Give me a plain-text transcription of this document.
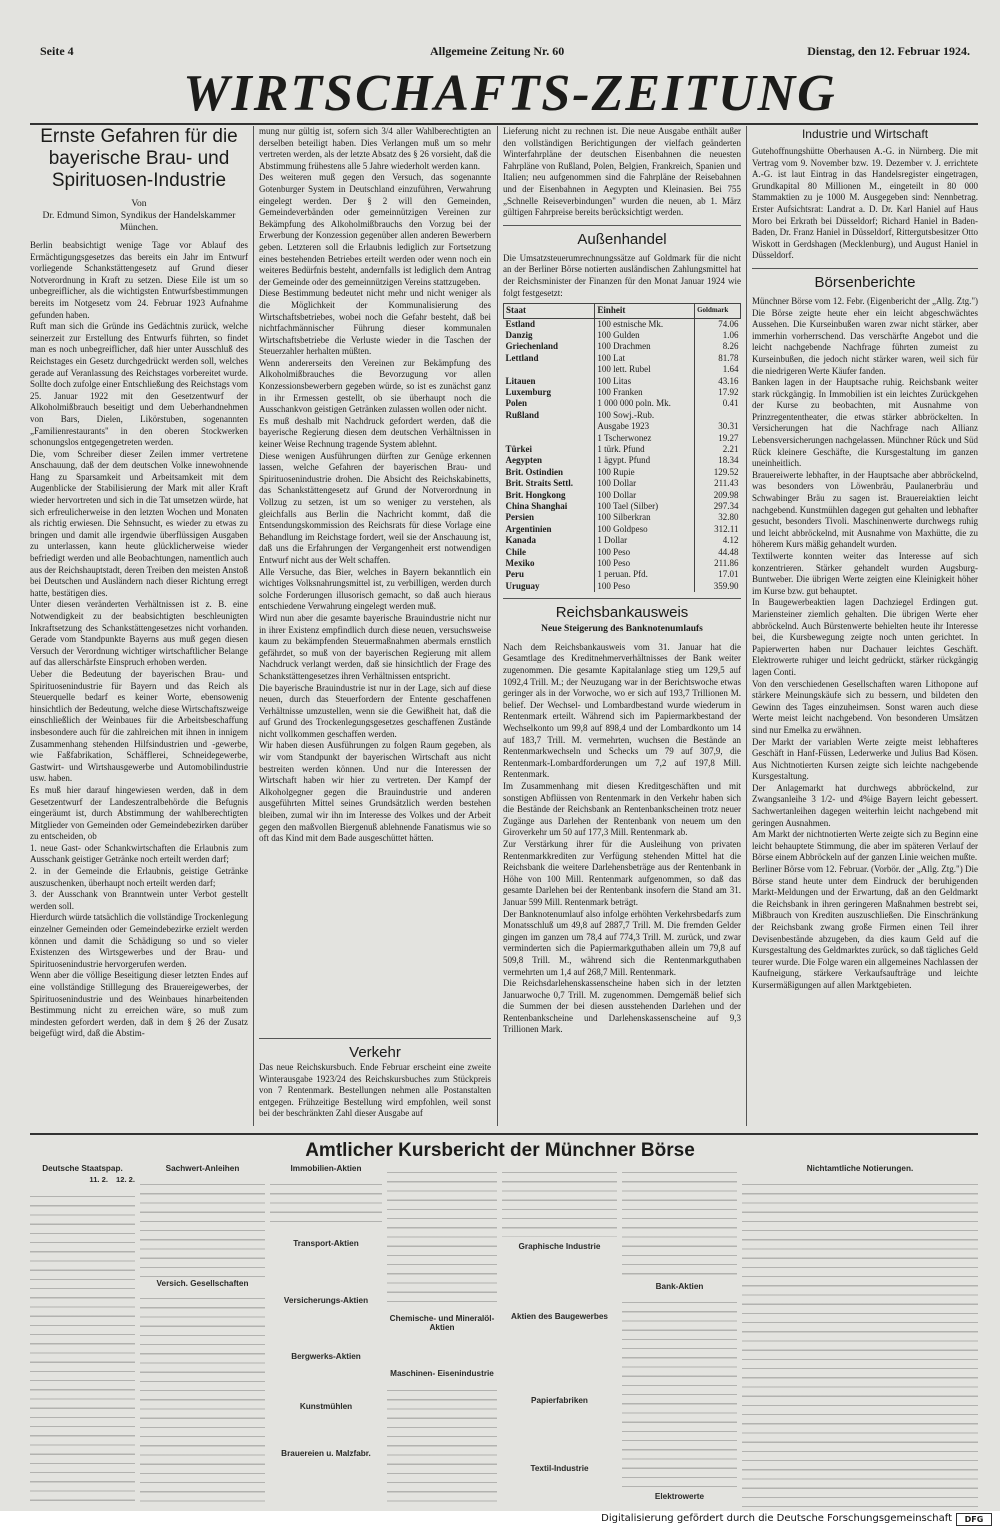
Seite 4	Allgemeine Zeitung Nr. 60	Dienstag, den 12. Februar 1924.
WIRTSCHAFTS-ZEITUNG
Ernste Gefahren für die bayerische Brau- und Spirituosen-Industrie
Von
Dr. Edmund Simon, Syndikus der Handelskammer München.
Berlin beabsichtigt wenige Tage vor Ablauf des Ermächtigungsgesetzes das bereits ein Jahr im Entwurf vorliegende Schankstättengesetz auf Grund dieser Notverordnung in Kraft zu setzen. Diese Eile ist um so unbegreiflicher, als die wichtigsten Entwurfsbestimmungen bereits im Notgesetz vom 24. Februar 1923 Aufnahme gefunden haben.
Ruft man sich die Gründe ins Gedächtnis zurück, welche seinerzeit zur Erstellung des Entwurfs führten, so findet man es noch unbegreiflicher, daß hier unter Ausschluß des Reichstages ein Gesetz durchgedrückt werden soll, welches gerade auf Veranlassung des Reichstages vorbereitet wurde. Sollte doch zufolge einer Entschließung des Reichstags vom 25. Januar 1922 mit den Gesetzentwurf der Alkoholmißbrauch beseitigt und dem Ueberhandnehmen von Bars, Dielen, Likörstuben, sogenannten „Familienrestaurants" in den oberen Stockwerken schonungslos entgegengetreten werden.
Die, vom Schreiber dieser Zeilen immer vertretene Anschauung, daß der dem deutschen Volke innewohnende Hang zu Sparsamkeit und Arbeitsamkeit mit dem Augenblicke der Stabilisierung der Mark mit aller Kraft wieder hervortreten und sich in die Tat umsetzen würde, hat sich erfreulicherweise in den letzten Wochen und Monaten als richtig erwiesen. Die Sehnsucht, es wieder zu etwas zu bringen und damit alle irgendwie überflüssigen Ausgaben zu unterlassen, kann heute glücklicherweise wieder befriedigt werden und alle Beobachtungen, namentlich auch aus der Reichshauptstadt, deren Treiben den meisten Anstoß bei Deutschen und Ausländern nach dieser Richtung erregt hatte, bestätigen dies.
Unter diesen veränderten Verhältnissen ist z. B. eine Notwendigkeit zu der beabsichtigten beschleunigten Inkraftsetzung des Schankstättengesetzes nicht vorhanden. Gerade vom Standpunkte Bayerns aus muß gegen diesen Versuch der Verordnung wichtiger wirtschaftlicher Belange auf das allerschärfste Einspruch erhoben werden.
Ueber die Bedeutung der bayerischen Brau- und Spirituosenindustrie für Bayern und das Reich als Steuerquelle bedarf es keiner Worte, ebensowenig hinsichtlich der Bedeutung, welche diese Wirtschaftszweige einschließlich der Weinbaues für die Arbeitsbeschaffung insbesondere auch für die zahlreichen mit ihnen in innigem Zusammenhang stehenden Hilfsindustrien und -gewerbe, wie Faßfabrikation, Schäfflerei, Schneidegewerbe, Gastwirt- und Wirtshausgewerbe und Automobilindustrie usw. haben.
Es muß hier darauf hingewiesen werden, daß in dem Gesetzentwurf der Landeszentralbehörde die Befugnis eingeräumt ist, durch Abstimmung der wahlberechtigten Mitglieder von Gemeinden oder Gemeindebezirken darüber zu entscheiden, ob
1. neue Gast- oder Schankwirtschaften die Erlaubnis zum Ausschank geistiger Getränke noch erteilt werden darf;
2. in der Gemeinde die Erlaubnis, geistige Getränke auszuschenken, überhaupt noch erteilt werden darf;
3. der Ausschank von Branntwein unter Verbot gestellt werden soll.
Hierdurch würde tatsächlich die vollständige Trockenlegung einzelner Gemeinden oder Gemeindebezirke erzielt werden können und damit die Schädigung so und so vieler Existenzen des Wirtsgewerbes und der Brau- und Spirituosenindustrie hervorgerufen werden.
Wenn aber die völlige Beseitigung dieser letzten Endes auf eine vollständige Stilllegung des Brauereigewerbes, der Spirituosenindustrie und des Weinbaues hinarbeitenden Bestimmung nicht zu erreichen wäre, so muß zum mindesten gefordert werden, daß in dem § 26 der Zusatz beigefügt wird, daß die Abstim-
mung nur gültig ist, sofern sich 3/4 aller Wahlberechtigten an derselben beteiligt haben. Dies Verlangen muß um so mehr vertreten werden, als der letzte Absatz des § 26 vorsieht, daß die Abstimmung frühestens alle 5 Jahre wiederholt werden kann.
Des weiteren muß gegen den Versuch, das sogenannte Gotenburger System in Deutschland einzuführen, Verwahrung eingelegt werden. Der § 2 will den Gemeinden, Gemeindeverbänden oder gemeinnützigen Vereinen zur Bekämpfung des Alkoholmißbrauchs den Vorzug bei der Erwerbung der Konzession gegenüber allen anderen Bewerbern geben. Letzteren soll die Erlaubnis lediglich zur Fortsetzung eines bestehenden Betriebes erteilt werden oder wenn noch ein weiteres Bedürfnis besteht, andernfalls ist lediglich dem Antrag der Gemeinde oder des gemeinnützigen Vereins stattzugeben.
Diese Bestimmung bedeutet nicht mehr und nicht weniger als die Möglichkeit der Kommunalisierung des Wirtschaftsbetriebes, wobei noch die Gefahr besteht, daß bei nichtfachmännischer Führung dieser kommunalen Wirtschaftsbetriebe die Verluste wieder in die Taschen der Steuerzahler herhalten müßten.
Wenn andererseits den Vereinen zur Bekämpfung des Alkoholmißbrauches die Bevorzugung vor allen Konzessionsbewerbern gegeben würde, so ist es zunächst ganz in ihr Ermessen gestellt, ob sie überhaupt noch die Ausschankvon geistigen Getränken zulassen wollen oder nicht.
Es muß deshalb mit Nachdruck gefordert werden, daß die bayerische Regierung diesen dem deutschen Verhältnissen in keiner Weise Rechnung tragende System ablehnt.
Diese wenigen Ausführungen dürften zur Genüge erkennen lassen, welche Gefahren der bayerischen Brau- und Spirituosenindustrie drohen. Die Absicht des Reichskabinetts, das Schankstättengesetz auf Grund der Notverordnung in Vollzug zu setzen, ist um so weniger zu verstehen, als gleichfalls aus Berlin die Nachricht kommt, daß die Entsendungskommission des Reichsrats für diese Vorlage eine Behandlung im Reichstage fordert, weil sie der Anschauung ist, daß uns die Erfahrungen der Vergangenheit erst notwendigen Entwurf nicht aus der Welt schaffen.
Alle Versuche, das Bier, welches in Bayern bekanntlich ein wichtiges Volksnahrungsmittel ist, zu verbilligen, werden durch solche Forderungen illusorisch gemacht, so daß auch hieraus entschiedene Verwahrung eingelegt werden muß.
Wird nun aber die gesamte bayerische Brauindustrie nicht nur in ihrer Existenz empfindlich durch diese neuen, versuchsweise kaum zu bekämpfenden Steuermaßnahmen abermals ernstlich gefährdet, so muß von der bayerischen Regierung mit allem Nachdruck verlangt werden, daß sie hinsichtlich der Frage des Schankstättengesetzes ihren Verhältnissen entspricht.
Die bayerische Brauindustrie ist nur in der Lage, sich auf diese neuen, durch das Steuerfordern der Entente geschaffenen Verhältnisse umzustellen, wenn sie die Gewißheit hat, daß die auf Grund des Trockenlegungsgesetzes geschaffenen Zustände nicht vollkommen geschaffen werden.
Wir haben diesen Ausführungen zu folgen Raum gegeben, als wir vom Standpunkt der bayerischen Wirtschaft aus nicht bestreiten werden können. Und nur die Interessen der Wirtschaft haben wir hier zu vertreten. Der Kampf der Alkoholgegner gegen die Brauindustrie und anderen ausgeführten Mittel seines Grundsätzlich werden bestehen bleiben, zumal wir ihn im Interesse des Volkes und der Arbeit gegen den maßvollen Biergenuß ablehnende Fanatismus wie so oft das Kind mit dem Bade ausgeschüttet hätten.
Verkehr
Das neue Reichskursbuch. Ende Februar erscheint eine zweite Winterausgabe 1923/24 des Reichskursbuches zum Stückpreis von 7 Rentenmark. Bestellungen nehmen alle Postanstalten entgegen. Frühzeitige Bestellung wird empfohlen, weil sonst bei der beschränkten Zahl dieser Ausgabe auf
Lieferung nicht zu rechnen ist. Die neue Ausgabe enthält außer den vollständigen Berichtigungen der vielfach geänderten Winterfahrpläne der deutschen Eisenbahnen die neuesten Fahrpläne von Rußland, Polen, Belgien, Frankreich, Spanien und Italien; neu aufgenommen sind die Fahrpläne der Reisebahnen und der Eisenbahnen in Aegypten und Kleinasien. Bei 755 „Schnelle Reiseverbindungen" wurden die neuen, ab 1. März gültigen Fahrpreise bereits berücksichtigt werden.
Außenhandel
Die Umsatzsteuerumrechnungssätze auf Goldmark für die nicht an der Berliner Börse notierten ausländischen Zahlungsmittel hat der Reichsminister der Finanzen für den Monat Januar 1924 wie folgt festgesetzt:
Staat	Einheit	Goldmark
Estland	100 estnische Mk.	74.06
Danzig	100 Gulden	1.06
Griechenland	100 Drachmen	8.26
Lettland	100 Lat	81.78
	100 lett. Rubel	1.64
Litauen	100 Litas	43.16
Luxemburg	100 Franken	17.92
Polen	1 000 000 poln. Mk.	0.41
Rußland	100 Sowj.-Rub.	
	Ausgabe 1923	30.31
	1 Tscherwonez	19.27
Türkei	1 türk. Pfund	2.21
Aegypten	1 ägypt. Pfund	18.34
Brit. Ostindien	100 Rupie	129.52
Brit. Straits Settl.	100 Dollar	211.43
Brit. Hongkong	100 Dollar	209.98
China Shanghai	100 Tael (Silber)	297.34
Persien	100 Silberkran	32.80
Argentinien	100 Goldpeso	312.11
Kanada	1 Dollar	4.12
Chile	100 Peso	44.48
Mexiko	100 Peso	211.86
Peru	1 peruan. Pfd.	17.01
Uruguay	100 Peso	359.90
Reichsbankausweis
Neue Steigerung des Banknotenumlaufs
Nach dem Reichsbankausweis vom 31. Januar hat die Gesamtlage des Kreditnehmerverhältnisses der Bank weiter zugenommen. Die gesamte Kapitalanlage stieg um 129,5 auf 1092,4 Trill. M.; der Neuzugang war in der Berichtswoche etwas geringer als in der Vorwoche, wo er sich auf 193,7 Trillionen M. belief. Der Wechsel- und Lombardbestand wurde wiederum in Rentenmark erteilt. Während sich im Papiermarkbestand der Wechselkonto um 99,8 auf 898,4 und der Lombardkonto um 14 auf 183,7 Trill. M. vermehrten, wuchsen die Bestände an Rentenmarkwechseln und Schecks um 79 auf 307,9, die Rentenmark-Lombardforderungen um 7,2 auf 197,8 Mill. Rentenmark.
Im Zusammenhang mit diesen Kreditgeschäften und mit sonstigen Abflüssen von Rentenmark in den Verkehr haben sich die Bestände der Reichsbank an Rentenbankscheinen trotz neuer Zugänge aus Darlehen der Rentenbank von neuem um den Giroverkehr um 50 auf 177,3 Mill. Rentenmark ab.
Zur Verstärkung ihrer für die Ausleihung von privaten Rentenmarkkrediten zur Verfügung stehenden Mittel hat die Reichsbank die weitere Darlehensbeträge aus der Rentenbank in Höhe von 100 Mill. Rentenmark aufgenommen, so daß das gesamte Darlehen bei der Rentenbank insofern die Stand am 31. Januar 599 Mill. Rentenmark beträgt.
Der Banknotenumlauf also infolge erhöhten Verkehrsbedarfs zum Monatsschluß um 49,8 auf 2887,7 Trill. M. Die fremden Gelder gingen im ganzen um 78,4 auf 774,3 Trill. M. zurück, und zwar verminderten sich die Papiermarkguthaben allein um 79,8 auf 509,8 Trill. M., während sich die Rentenmarkguthaben vermehrten um 1,4 auf 268,7 Mill. Rentenmark.
Die Reichsdarlehenskassenscheine haben sich in der letzten Januarwoche 0,7 Trill. M. zugenommen. Demgemäß belief sich die Summen der bei diesen ausstehenden Darlehen und der Rentenbankscheine und Darlehenskassenscheine auf 9,3 Trillionen Mark.
Industrie und Wirtschaft
Gutehoffnungshütte Oberhausen A.-G. in Nürnberg. Die mit Vertrag vom 9. November bzw. 19. Dezember v. J. errichtete A.-G. ist laut Eintrag in das Handelsregister eingetragen, Grundkapital 80 Millionen M., eingeteilt in 80 000 Stammaktien zu je 1000 M. Ausgegeben sind: Nennbetrag. Erster Aufsichtsrat: Landrat a. D. Dr. Karl Haniel auf Haus Moro bei Erkrath bei Düsseldorf; Richard Haniel in Baden-Baden, Dr. Franz Haniel in Düsseldorf, Rittergutsbesitzer Otto Wiskott in Gerdshagen (Mecklenburg), und August Haniel in Düsseldorf.
Börsenberichte
Münchner Börse vom 12. Febr. (Eigenbericht der „Allg. Ztg.") Die Börse zeigte heute eher ein leicht abgeschwächtes Aussehen. Die Kurseinbußen waren zwar nicht stärker, aber immerhin vorherrschend. Das verschärfte Angebot und die leicht nachgebende Nachfrage führten zumeist zu Kurseinbußen, die jedoch nicht stärker waren, weil sich für die niedrigeren Werte Käufer fanden.
Banken lagen in der Hauptsache ruhig. Reichsbank weiter stark rückgängig. In Immobilien ist ein leichtes Zurückgehen der Kurse zu beobachten, mit Ausnahme von Prinzregententheater, die etwas stärker abbröckelten. In Versicherungen hat die Nachfrage nach Allianz Lebensversicherungen nachgelassen. Münchner Rück und Süd Rück kleinere Geschäfte, die Kursgestaltung im ganzen uneinheitlich.
Brauereiwerte lebhafter, in der Hauptsache aber abbröckelnd, was besonders von Löwenbräu, Paulanerbräu und Schwabinger Bräu zu sagen ist. Brauereiaktien leicht nachgebend. Kunstmühlen dagegen gut gehalten und lebhafter gesucht, besonders Tivoli. Maschinenwerte durchwegs ruhig und leicht abbröckelnd, mit Ausnahme von Maxhütte, die zu höherem Kurs mäßig gehandelt wurden.
Textilwerte konnten weiter das Interesse auf sich konzentrieren. Stärker gehandelt wurden Augsburg-Buntweber. Die übrigen Werte zeigten eine Kleinigkeit höher im Kurse bzw. gut behauptet.
In Baugewerbeaktien lagen Dachziegel Erdingen gut. Mariensteiner ziemlich gehalten. Die übrigen Werte eher abbröckelnd. Auch Bürstenwerte behielten heute ihr Interesse bei, die Kursbewegung zeigte noch unten gerichtet. In Papierwerten haben nur Dachauer leichtes Geschäft. Elektrowerte ruhiger und leicht gedrückt, stärker rückgängig lagen Conti.
Von den verschiedenen Gesellschaften waren Lithopone auf stärkere Meinungskäufe sich zu bessern, und bildeten den Gewinn des Tages einzuheimsen. Sonst waren auch diese Werte meist leicht nachgebend. Von besonderen Umsätzen sind nur Emelka zu erwähnen.
Der Markt der variablen Werte zeigte meist lebhafteres Geschäft in Hanf-Füssen, Lederwerke und Julius Bad Kösen. Aus Nichtnotierten Kursen zeigte sich leichte nachgebende Kursgestaltung.
Der Anlagemarkt hat durchwegs abbröckelnd, zur Zwangsanleihe 3 1/2- und 4%ige Bayern leicht gebessert. Sachwertanleihen dagegen weiterhin leicht nachgebend mit geringen Ausnahmen.
Am Markt der nichtnotierten Werte zeigte sich zu Beginn eine leicht behauptete Stimmung, die aber im späteren Verlauf der Börse einem Abbröckeln auf der ganzen Linie weichen mußte.
Berliner Börse vom 12. Februar. (Vorbör. der „Allg. Ztg.") Die Börse stand heute unter dem Eindruck der beruhigenden Markt-Meldungen und der Erwartung, daß an den Geldmarkt die Reichsbank in ihren geringeren Maßnahmen bestrebt sei, Mißbrauch von Krediten auszuschließen. Die Einschränkung der Reichsbank zwang große Firmen einen Teil ihrer Devisenbestände abzugeben, da dies kaum Geld auf die Kursgestaltung des Geldmarktes zurück, so daß tägliches Geld teurer wurde. Die Folge waren ein allgemeines Nachlassen der Kaufneigung, stärkere Verkaufsaufträge und leichte Kursermäßigungen auf allen Marktgebieten.
Amtlicher Kursbericht der Münchner Börse
Deutsche Staatspap.
11. 2. 12. 2.
Sachwert-Anleihen
Versich. Gesellschaften
Immobilien-Aktien
Transport-Aktien
Versicherungs-Aktien
Bergwerks-Aktien
Kunstmühlen
Brauereien u. Malzfabr.
Chemische- und Mineralöl-Aktien
Maschinen- Eisenindustrie
Graphische Industrie
Aktien des Baugewerbes
Papierfabriken
Textil-Industrie
Bank-Aktien
Elektrowerte
Nichtamtliche Notierungen.
Digitalisierung gefördert durch die Deutsche Forschungsgemeinschaft	DFG
